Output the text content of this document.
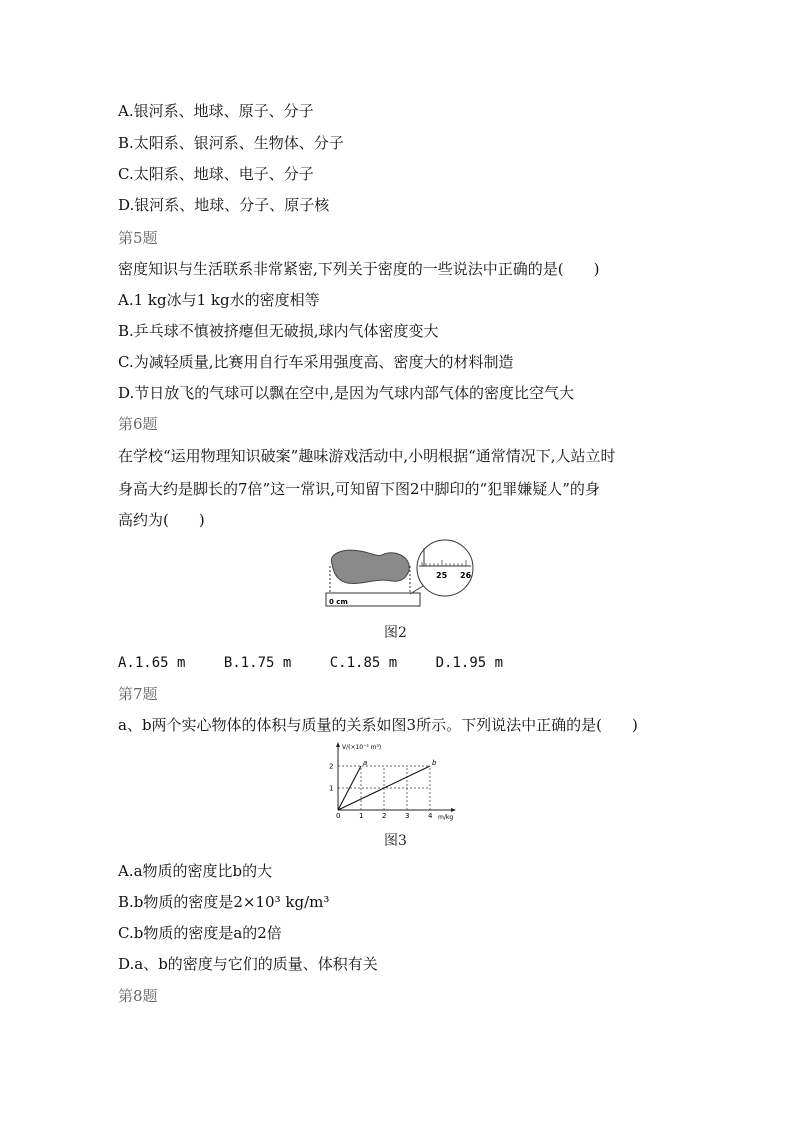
A.银河系、地球、原子、分子
B.太阳系、银河系、生物体、分子
C.太阳系、地球、电子、分子
D.银河系、地球、分子、原子核
第5题
密度知识与生活联系非常紧密,下列关于密度的一些说法中正确的是(　　)
A.1 kg冰与1 kg水的密度相等
B.乒乓球不慎被挤瘪但无破损,球内气体密度变大
C.为减轻质量,比赛用自行车采用强度高、密度大的材料制造
D.节日放飞的气球可以飘在空中,是因为气球内部气体的密度比空气大
第6题
在学校“运用物理知识破案”趣味游戏活动中,小明根据“通常情况下,人站立时
身高大约是脚长的7倍”这一常识,可知留下图2中脚印的“犯罪嫌疑人”的身
高约为(　　)
0 cm
25 26
图2
A.1.65 m	B.1.75 m	C.1.85 m	D.1.95 m
第7题
a、b两个实心物体的体积与质量的关系如图3所示。下列说法中正确的是(　　)
V/(×10⁻³ m³)
m/kg
0	1	2	3	4
1
2	a	b
图3
A.a物质的密度比b的大
B.b物质的密度是2×10³ kg/m³
C.b物质的密度是a的2倍
D.a、b的密度与它们的质量、体积有关
第8题
